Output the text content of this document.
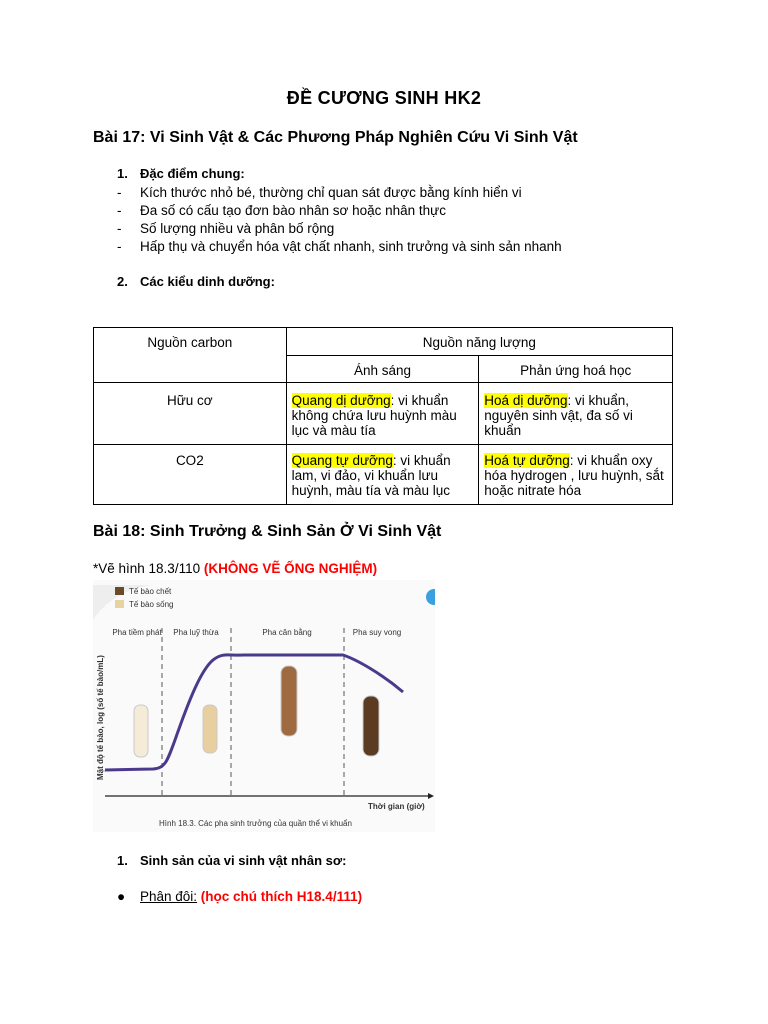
ĐỀ CƯƠNG SINH HK2
Bài 17: Vi Sinh Vật & Các Phương Pháp Nghiên Cứu Vi Sinh Vật
1. Đặc điểm chung:
- Kích thước nhỏ bé, thường chỉ quan sát được bằng kính hiển vi
- Đa số có cấu tạo đơn bào nhân sơ hoặc nhân thực
- Số lượng nhiều và phân bố rộng
- Hấp thụ và chuyển hóa vật chất nhanh, sinh trưởng và sinh sản nhanh
2. Các kiểu dinh dưỡng:
Nguồn carbon	Nguồn năng lượng	
	Ánh sáng	Phản ứng hoá học
Hữu cơ	Quang dị dưỡng: vi khuẩn không chứa lưu huỳnh màu lục và màu tía	Hoá dị dưỡng: vi khuẩn, nguyên sinh vật, đa số vi khuẩn
CO2	Quang tự dưỡng: vi khuẩn lam, vi đảo, vi khuẩn lưu huỳnh, màu tía và màu lục	Hoá tự dưỡng: vi khuẩn oxy hóa hydrogen , lưu huỳnh, sắt hoặc nitrate hóa
Bài 18: Sinh Trưởng & Sinh Sản Ở Vi Sinh Vật
*Vẽ hình 18.3/110 (KHÔNG VẼ ỐNG NGHIỆM)
Tế bào chết
Tế bào sống
Pha tiềm phát Pha luỹ thừa	Pha cân bằng	Pha suy vong
Mật độ tế bào, log (số tế bào/mL)
Thời gian (giờ)
Hình 18.3. Các pha sinh trưởng của quần thể vi khuẩn
1. Sinh sản của vi sinh vật nhân sơ:
● Phân đôi: (học chú thích H18.4/111)
